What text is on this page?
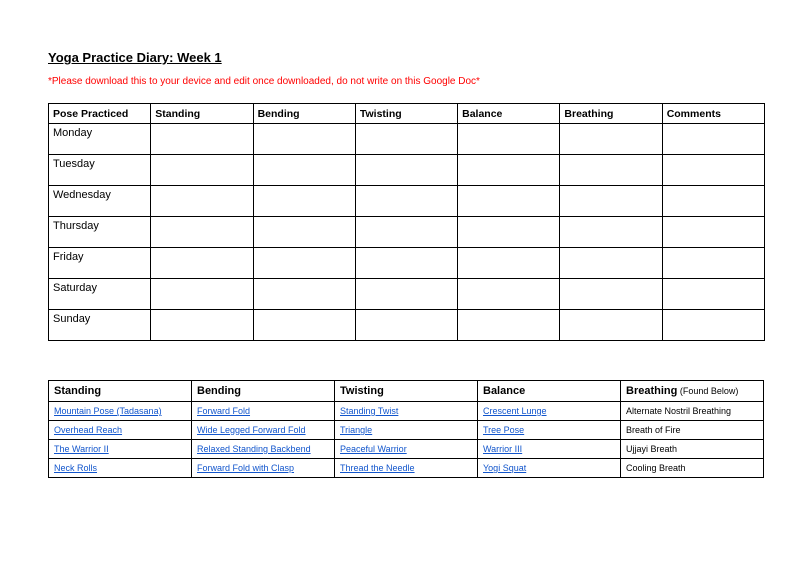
Yoga Practice Diary: Week 1

*Please download this to your device and edit once downloaded, do not write on this Google Doc*

Pose Practiced	Standing	Bending	Twisting	Balance	Breathing	Comments
Monday						
Tuesday						
Wednesday						
Thursday						
Friday						
Saturday						
Sunday						
Standing	Bending	Twisting	Balance	Breathing (Found Below)
Mountain Pose (Tadasana)	Forward Fold	Standing Twist	Crescent Lunge	Alternate Nostril Breathing
Overhead Reach	Wide Legged Forward Fold	Triangle	Tree Pose	Breath of Fire
The Warrior II	Relaxed Standing Backbend	Peaceful Warrior	Warrior III	Ujjayi Breath
Neck Rolls	Forward Fold with Clasp	Thread the Needle	Yogi Squat	Cooling Breath
